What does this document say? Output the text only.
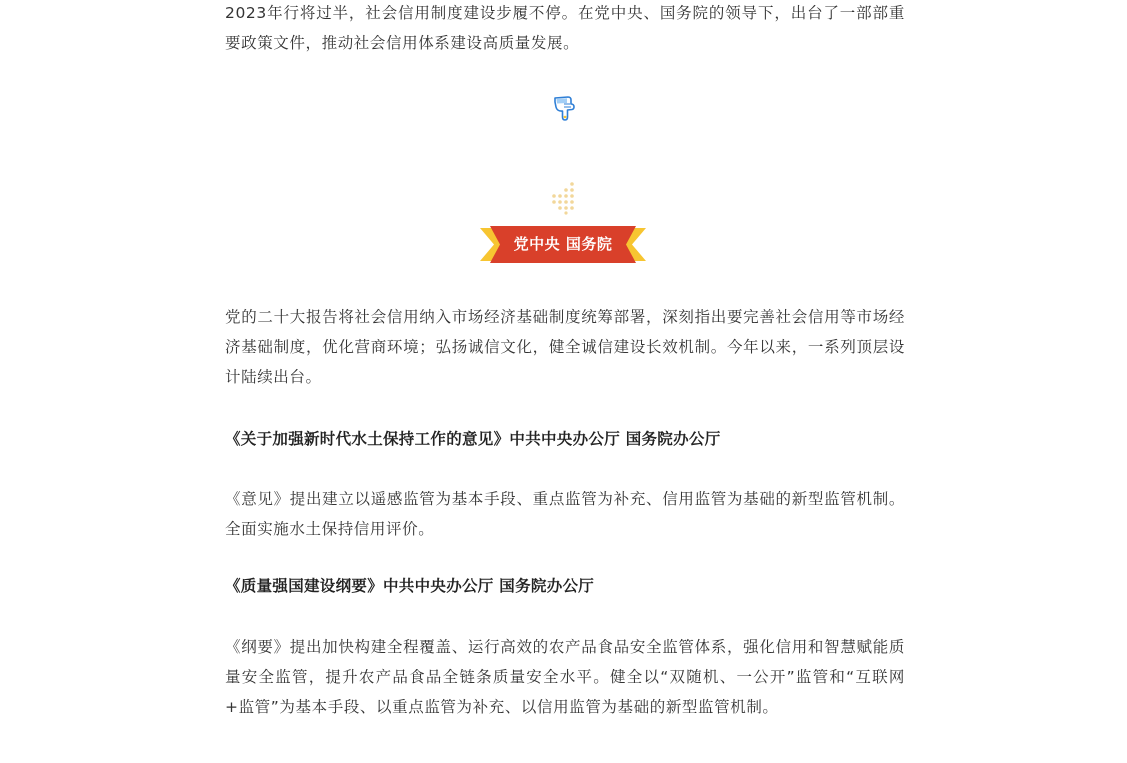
2023年行将过半，社会信用制度建设步履不停。在党中央、国务院的领导下，出台了一部部重要政策文件，推动社会信用体系建设高质量发展。

党的二十大报告将社会信用纳入市场经济基础制度统筹部署，深刻指出要完善社会信用等市场经济基础制度，优化营商环境；弘扬诚信文化，健全诚信建设长效机制。今年以来，一系列顶层设计陆续出台。

《关于加强新时代水土保持工作的意见》中共中央办公厅 国务院办公厅

《意见》提出建立以遥感监管为基本手段、重点监管为补充、信用监管为基础的新型监管机制。全面实施水土保持信用评价。

《质量强国建设纲要》中共中央办公厅 国务院办公厅

《纲要》提出加快构建全程覆盖、运行高效的农产品食品安全监管体系，强化信用和智慧赋能质量安全监管，提升农产品食品全链条质量安全水平。健全以“双随机、一公开”监管和“互联网+监管”为基本手段、以重点监管为补充、以信用监管为基础的新型监管机制。

党中央 国务院
